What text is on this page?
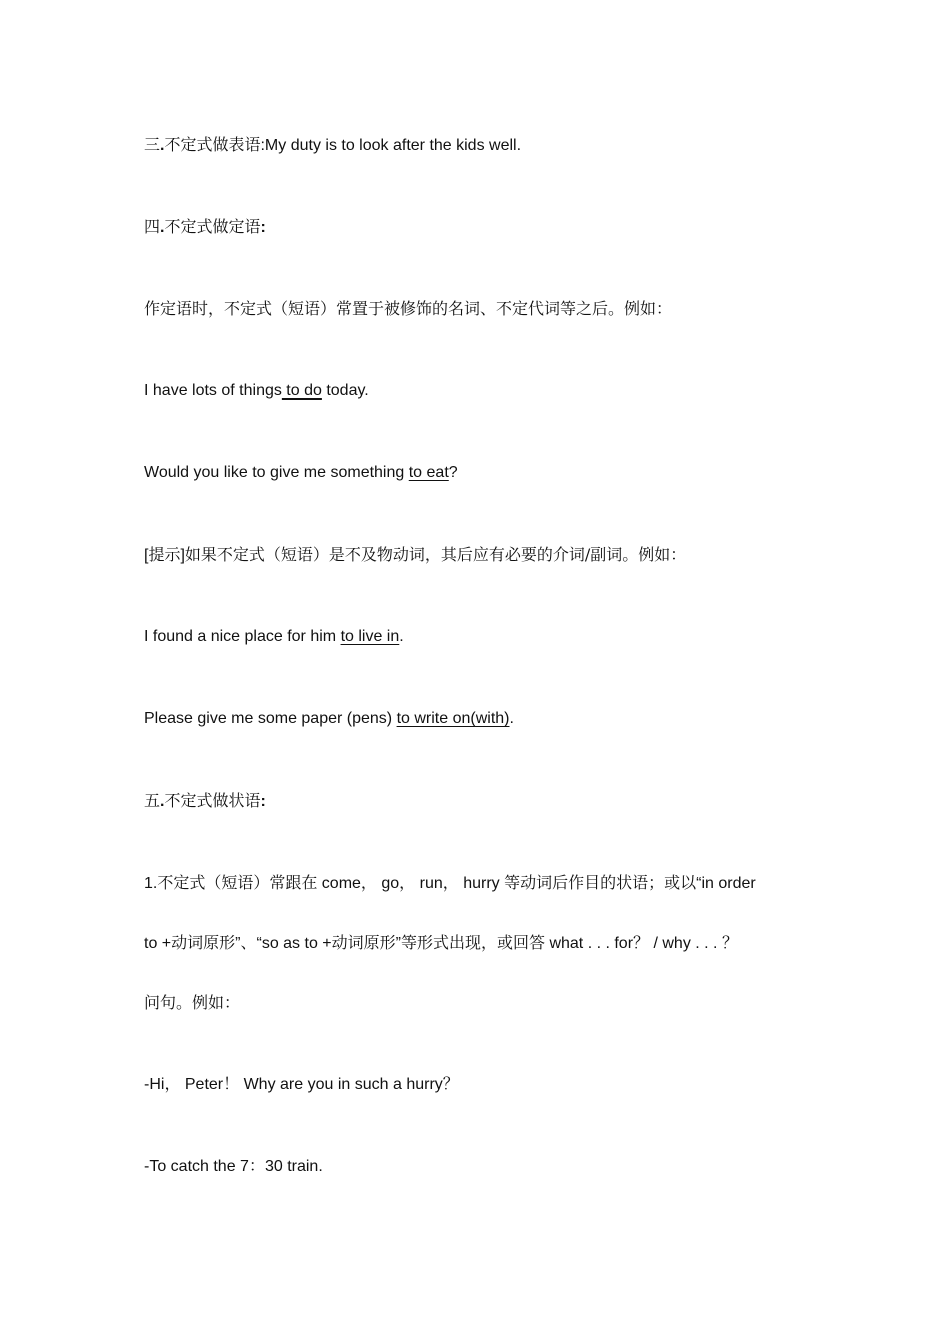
三.不定式做表语:My duty is to look after the kids well.
四.不定式做定语:
作定语时，不定式（短语）常置于被修饰的名词、不定代词等之后。例如：
I have lots of things to do today.
Would you like to give me something to eat?
[提示]如果不定式（短语）是不及物动词，其后应有必要的介词/副词。例如：
I found a nice place for him to live in.
Please give me some paper (pens) to write on(with).
五.不定式做状语:
1.不定式（短语）常跟在 come， go， run， hurry 等动词后作目的状语；或以“in order
to +动词原形”、“so as to +动词原形”等形式出现，或回答 what . . . for？ / why . . . ？
问句。例如：
-Hi， Peter！ Why are you in such a hurry？
-To catch the 7：30 train.
